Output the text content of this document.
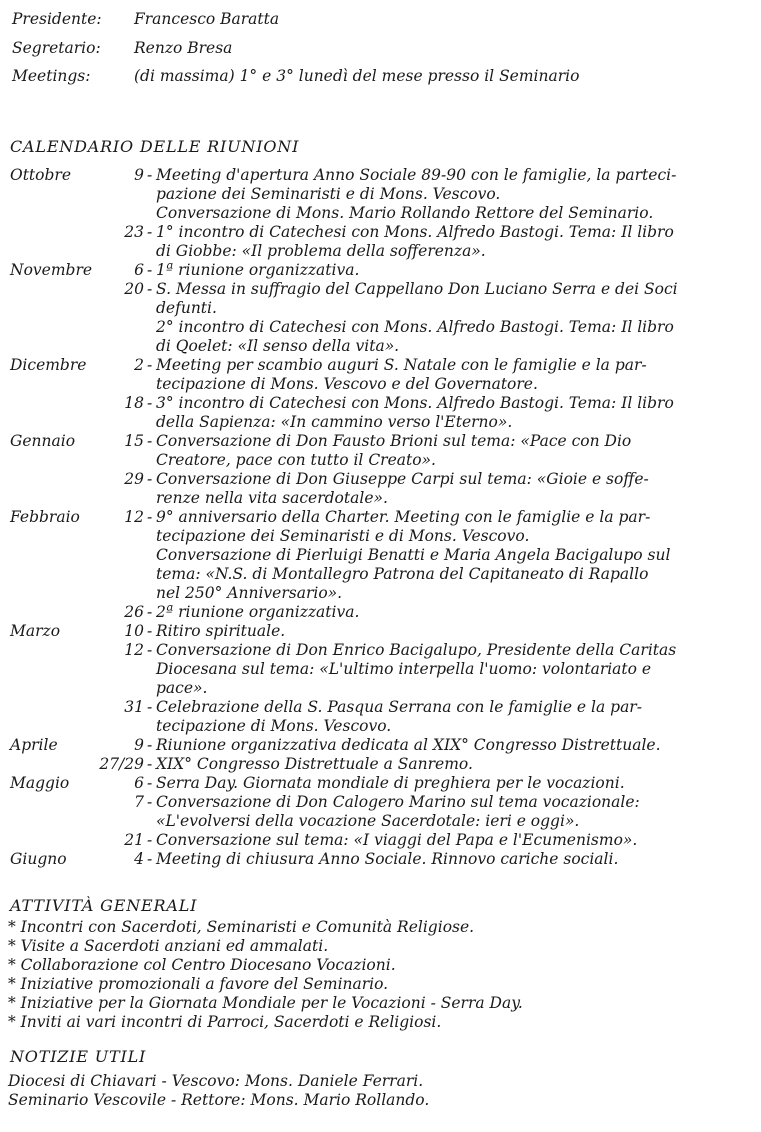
Presidente: Francesco Baratta
Segretario: Renzo Bresa
Meetings:	(di massima) 1° e 3° lunedì del mese presso il Seminario
CALENDARIO DELLE RIUNIONI
Ottobre	9 - Meeting d'apertura Anno Sociale 89-90 con le famiglie, la parteci-
pazione dei Seminaristi e di Mons. Vescovo.
Conversazione di Mons. Mario Rollando Rettore del Seminario.
23 - 1° incontro di Catechesi con Mons. Alfredo Bastogi. Tema: Il libro
di Giobbe: «Il problema della sofferenza».
Novembre	6 - 1ª riunione organizzativa.
20 - S. Messa in suffragio del Cappellano Don Luciano Serra e dei Soci
defunti.
2° incontro di Catechesi con Mons. Alfredo Bastogi. Tema: Il libro
di Qoelet: «Il senso della vita».
Dicembre	2 - Meeting per scambio auguri S. Natale con le famiglie e la par-
tecipazione di Mons. Vescovo e del Governatore.
18 - 3° incontro di Catechesi con Mons. Alfredo Bastogi. Tema: Il libro
della Sapienza: «In cammino verso l'Eterno».
Gennaio	15 - Conversazione di Don Fausto Brioni sul tema: «Pace con Dio
Creatore, pace con tutto il Creato».
29 - Conversazione di Don Giuseppe Carpi sul tema: «Gioie e soffe-
renze nella vita sacerdotale».
Febbraio	12 - 9° anniversario della Charter. Meeting con le famiglie e la par-
tecipazione dei Seminaristi e di Mons. Vescovo.
Conversazione di Pierluigi Benatti e Maria Angela Bacigalupo sul
tema: «N.S. di Montallegro Patrona del Capitaneato di Rapallo
nel 250° Anniversario».
26 - 2ª riunione organizzativa.
Marzo	10 - Ritiro spirituale.
12 - Conversazione di Don Enrico Bacigalupo, Presidente della Caritas
Diocesana sul tema: «L'ultimo interpella l'uomo: volontariato e
pace».
31 - Celebrazione della S. Pasqua Serrana con le famiglie e la par-
tecipazione di Mons. Vescovo.
Aprile	9 - Riunione organizzativa dedicata al XIX° Congresso Distrettuale.
27/29 - XIX° Congresso Distrettuale a Sanremo.
Maggio	6 - Serra Day. Giornata mondiale di preghiera per le vocazioni.
7 - Conversazione di Don Calogero Marino sul tema vocazionale:
«L'evolversi della vocazione Sacerdotale: ieri e oggi».
21 - Conversazione sul tema: «I viaggi del Papa e l'Ecumenismo».
Giugno	4 - Meeting di chiusura Anno Sociale. Rinnovo cariche sociali.
ATTIVITÀ GENERALI
* Incontri con Sacerdoti, Seminaristi e Comunità Religiose.
* Visite a Sacerdoti anziani ed ammalati.
* Collaborazione col Centro Diocesano Vocazioni.
* Iniziative promozionali a favore del Seminario.
* Iniziative per la Giornata Mondiale per le Vocazioni - Serra Day.
* Inviti ai vari incontri di Parroci, Sacerdoti e Religiosi.
NOTIZIE UTILI
Diocesi di Chiavari - Vescovo: Mons. Daniele Ferrari.
Seminario Vescovile - Rettore: Mons. Mario Rollando.
